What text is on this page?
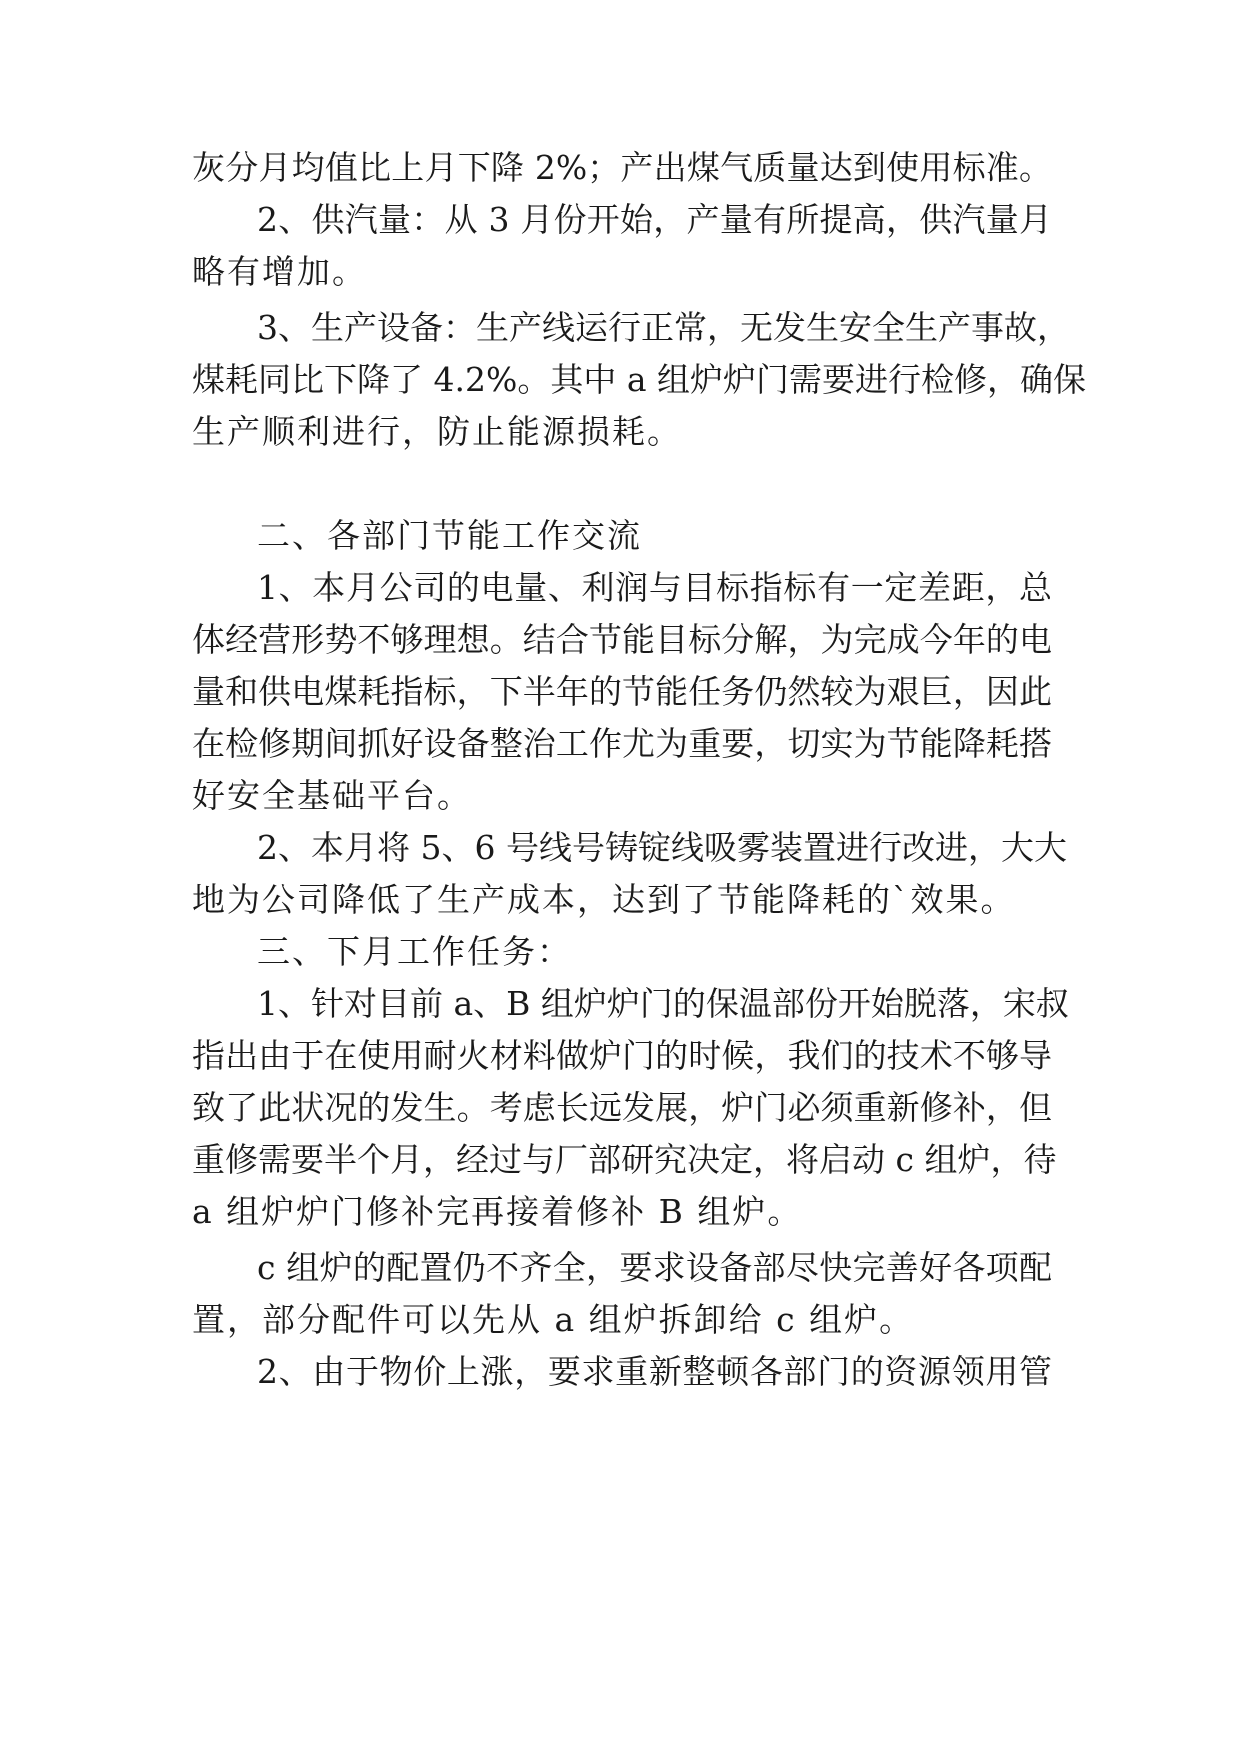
灰分月均值比上月下降 2%；产出煤气质量达到使用标准。
2、供汽量：从 3 月份开始，产量有所提高，供汽量月
略有增加。
3、生产设备：生产线运行正常，无发生安全生产事故，
煤耗同比下降了 4.2%。其中 a 组炉炉门需要进行检修，确保
生产顺利进行，防止能源损耗。
二、各部门节能工作交流
1、本月公司的电量、利润与目标指标有一定差距，总
体经营形势不够理想。结合节能目标分解，为完成今年的电
量和供电煤耗指标，下半年的节能任务仍然较为艰巨，因此
在检修期间抓好设备整治工作尤为重要，切实为节能降耗搭
好安全基础平台。
2、本月将 5、6 号线号铸锭线吸雾装置进行改进，大大
地为公司降低了生产成本，达到了节能降耗的`效果。
三、下月工作任务：
1、针对目前 a、B 组炉炉门的保温部份开始脱落，宋叔
指出由于在使用耐火材料做炉门的时候，我们的技术不够导
致了此状况的发生。考虑长远发展，炉门必须重新修补，但
重修需要半个月，经过与厂部研究决定，将启动 c 组炉，待
a 组炉炉门修补完再接着修补 B 组炉。
c 组炉的配置仍不齐全，要求设备部尽快完善好各项配
置，部分配件可以先从 a 组炉拆卸给 c 组炉。
2、由于物价上涨，要求重新整顿各部门的资源领用管
